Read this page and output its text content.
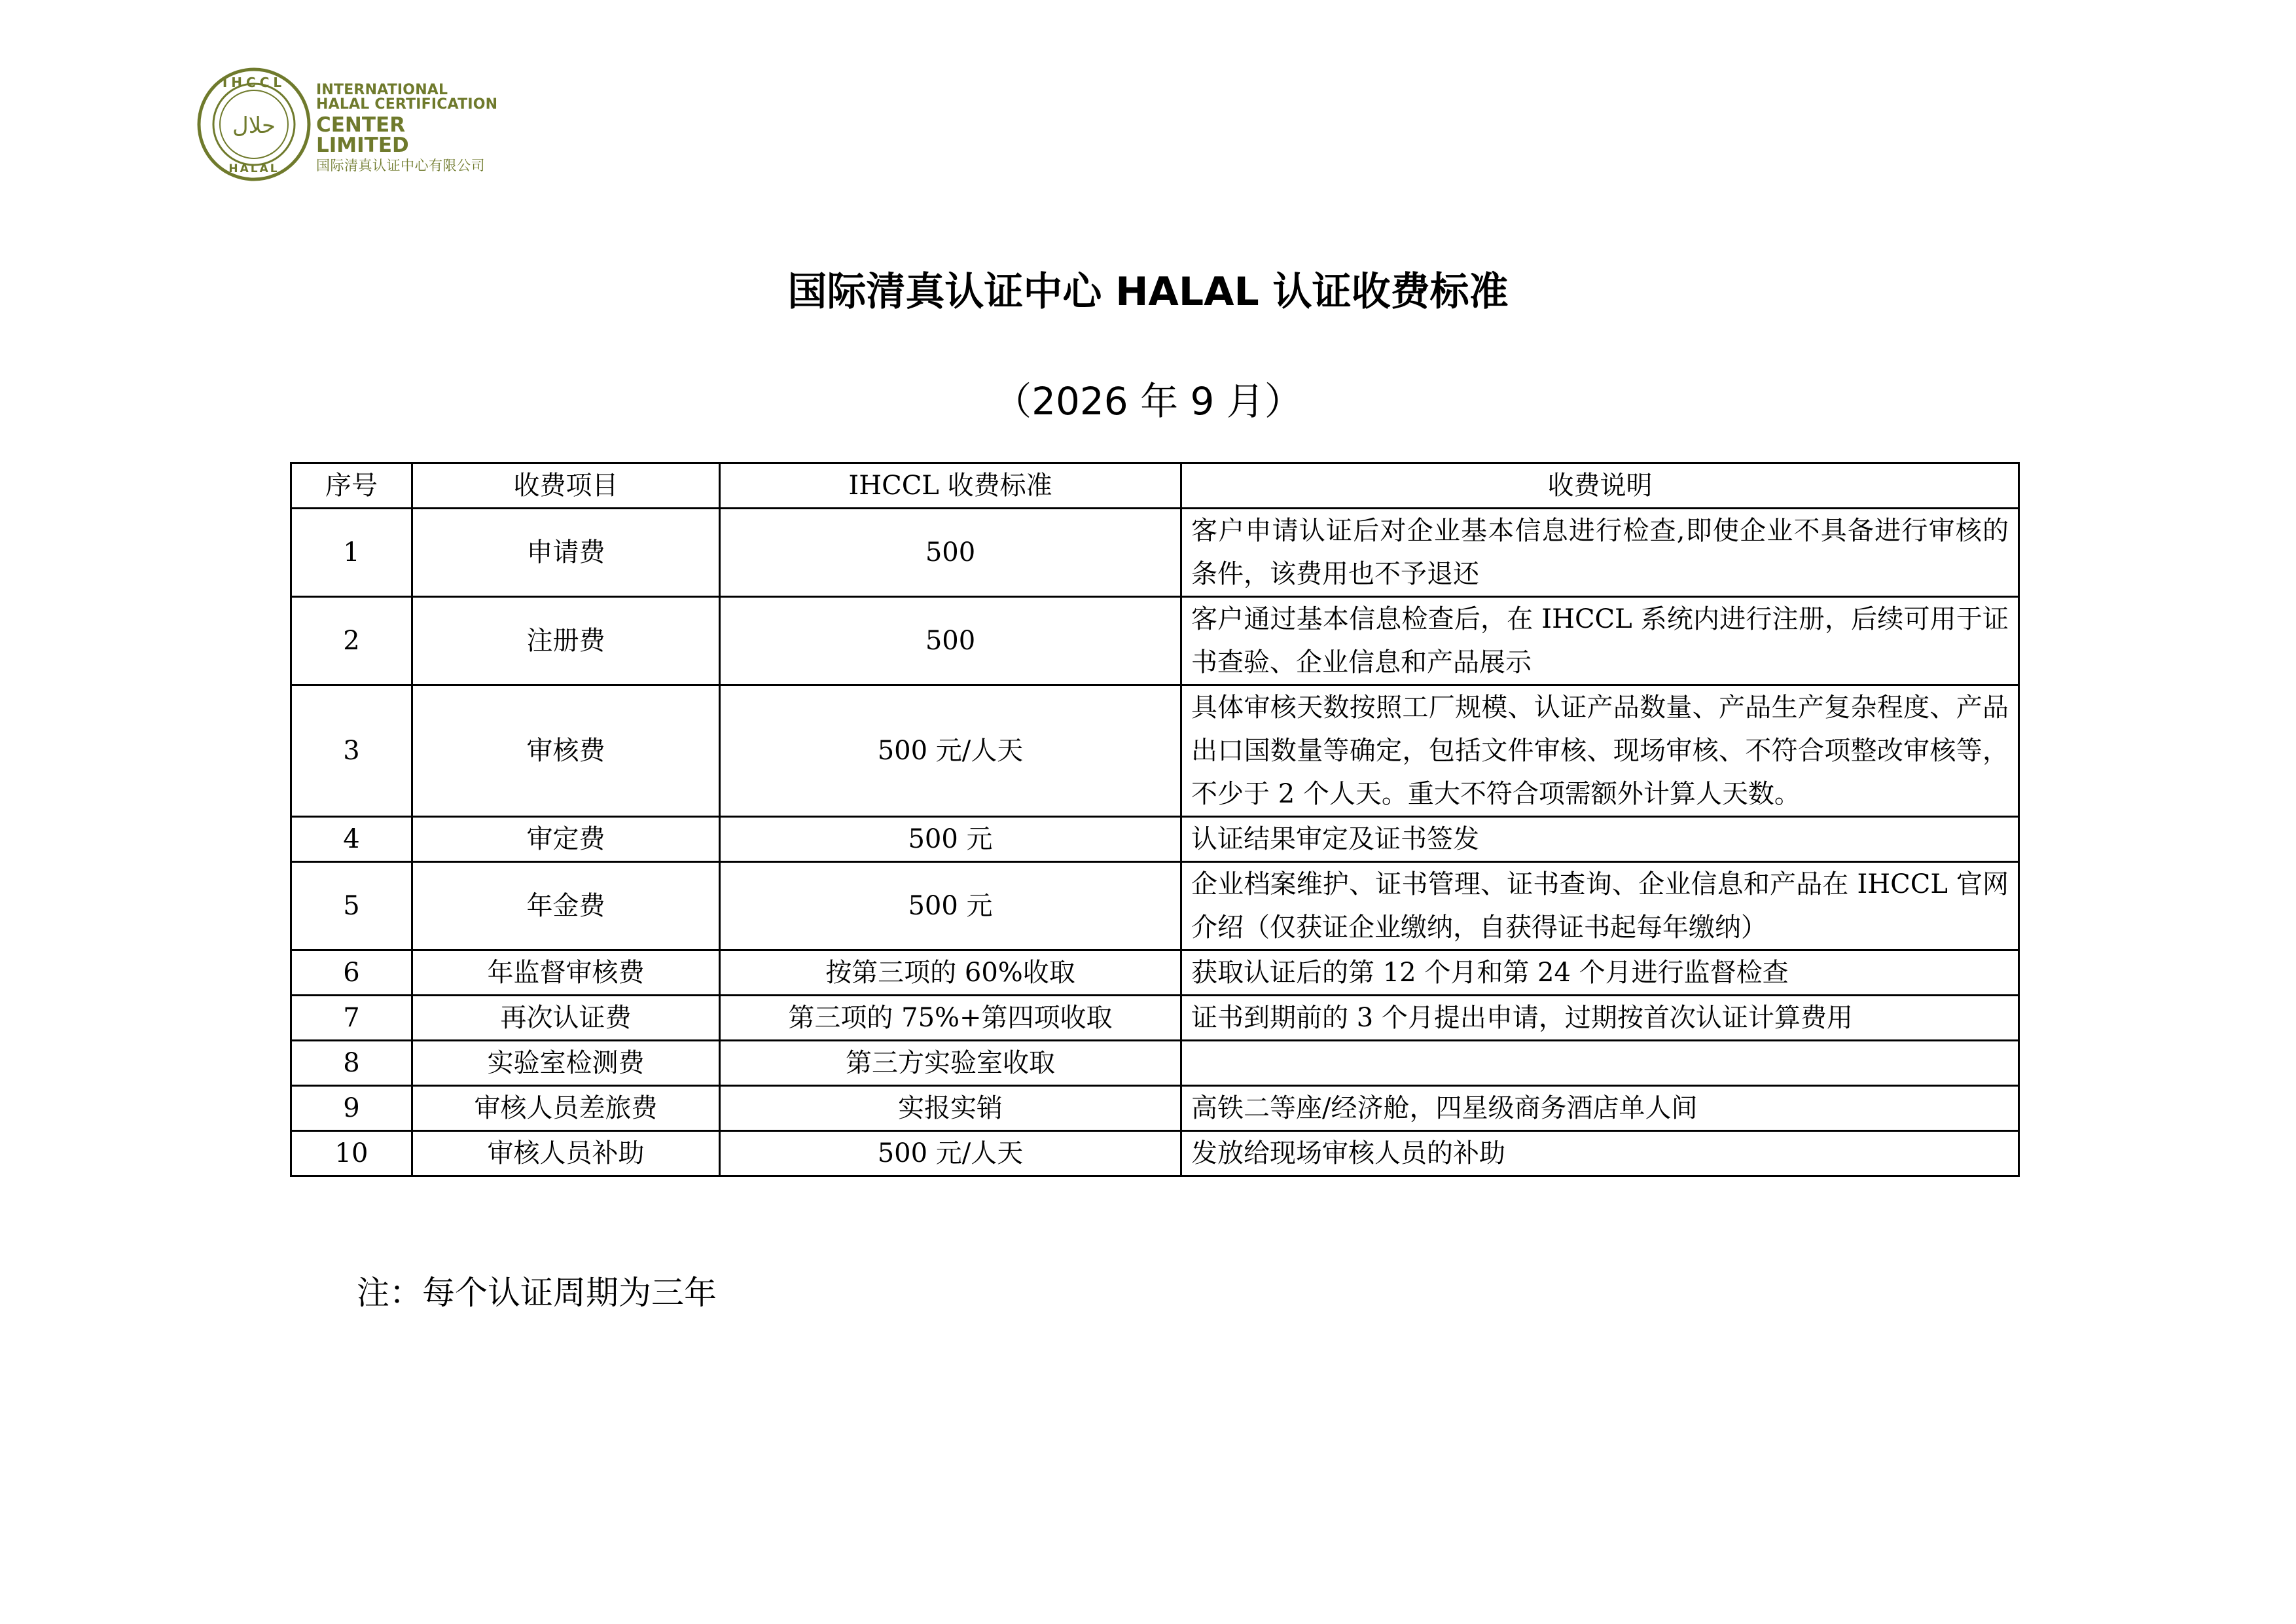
IHCCL
HALAL
حلال
INTERNATIONAL
HALAL CERTIFICATION
CENTER LIMITED
国际清真认证中心有限公司
国际清真认证中心 HALAL 认证收费标准
（2026 年 9 月）
序号	收费项目	IHCCL 收费标准	收费说明
1	申请费	500	客户申请认证后对企业基本信息进行检查,即使企业不具备进行审核的条件，该费用也不予退还
2	注册费	500	客户通过基本信息检查后，在 IHCCL 系统内进行注册，后续可用于证书查验、企业信息和产品展示
3	审核费	500 元/人天	具体审核天数按照工厂规模、认证产品数量、产品生产复杂程度、产品出口国数量等确定，包括文件审核、现场审核、不符合项整改审核等，不少于 2 个人天。重大不符合项需额外计算人天数。
4	审定费	500 元	认证结果审定及证书签发
5	年金费	500 元	企业档案维护、证书管理、证书查询、企业信息和产品在 IHCCL 官网介绍（仅获证企业缴纳，自获得证书起每年缴纳）
6	年监督审核费	按第三项的 60%收取	获取认证后的第 12 个月和第 24 个月进行监督检查
7	再次认证费	第三项的 75%+第四项收取	证书到期前的 3 个月提出申请，过期按首次认证计算费用
8	实验室检测费	第三方实验室收取	
9	审核人员差旅费	实报实销	高铁二等座/经济舱，四星级商务酒店单人间
10	审核人员补助	500 元/人天	发放给现场审核人员的补助
注：每个认证周期为三年
